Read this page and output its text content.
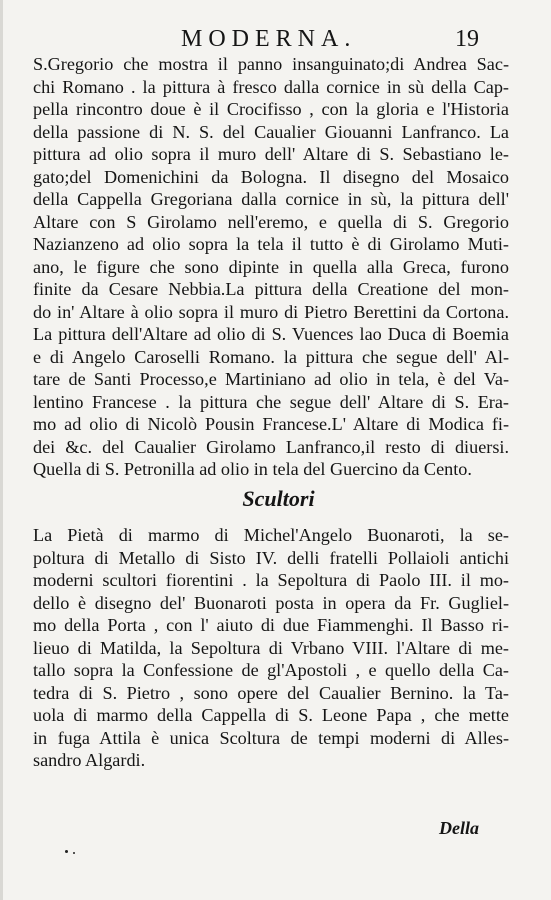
MODERNA.	19
S.Gregorio che mostra il panno insanguinato;di Andrea Sac-
chi Romano . la pittura à fresco dalla cornice in sù della Cap-
pella rincontro doue è il Crocifisso , con la gloria e l'Historia
della passione di N. S. del Caualier Giouanni Lanfranco. La
pittura ad olio sopra il muro dell' Altare di S. Sebastiano le-
gato;del Domenichini da Bologna. Il disegno del Mosaico
della Cappella Gregoriana dalla cornice in sù, la pittura dell'
Altare con S Girolamo nell'eremo, e quella di S. Gregorio
Nazianzeno ad olio sopra la tela il tutto è di Girolamo Muti-
ano, le figure che sono dipinte in quella alla Greca, furono
finite da Cesare Nebbia.La pittura della Creatione del mon-
do in' Altare à olio sopra il muro di Pietro Berettini da Cortona.
La pittura dell'Altare ad olio di S. Vuences lao Duca di Boemia
e di Angelo Caroselli Romano. la pittura che segue dell' Al-
tare de Santi Processo,e Martiniano ad olio in tela, è del Va-
lentino Francese . la pittura che segue dell' Altare di S. Era-
mo ad olio di Nicolò Pousin Francese.L' Altare di Modica fi-
dei &c. del Caualier Girolamo Lanfranco,il resto di diuersi.
Quella di S. Petronilla ad olio in tela del Guercino da Cento.
Scultori
La Pietà di marmo di Michel'Angelo Buonaroti, la se-
poltura di Metallo di Sisto IV. delli fratelli Pollaioli antichi
moderni scultori fiorentini . la Sepoltura di Paolo III. il mo-
dello è disegno del' Buonaroti posta in opera da Fr. Gugliel-
mo della Porta , con l' aiuto di due Fiammenghi. Il Basso ri-
lieuo di Matilda, la Sepoltura di Vrbano VIII. l'Altare di me-
tallo sopra la Confessione de gl'Apostoli , e quello della Ca-
tedra di S. Pietro , sono opere del Caualier Bernino. la Ta-
uola di marmo della Cappella di S. Leone Papa , che mette
in fuga Attila è unica Scoltura de tempi moderni di Alles-
sandro Algardi.
Della
